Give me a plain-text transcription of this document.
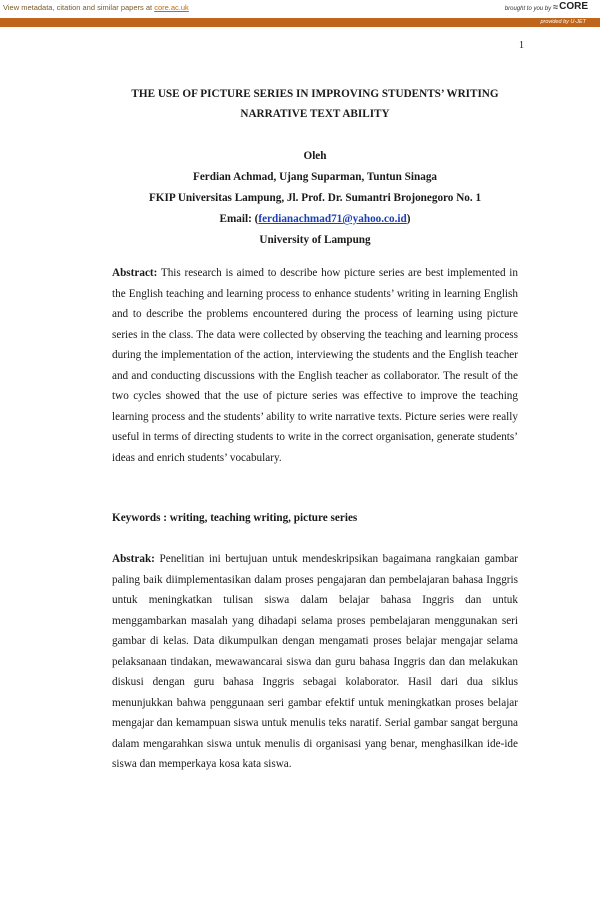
View metadata, citation and similar papers at core.ac.uk	brought to you by ≈ CORE
provided by U-JET
1
THE USE OF PICTURE SERIES IN IMPROVING STUDENTS’ WRITING
NARRATIVE TEXT ABILITY
Oleh
Ferdian Achmad, Ujang Suparman, Tuntun Sinaga
FKIP Universitas Lampung, Jl. Prof. Dr. Sumantri Brojonegoro No. 1
Email: (ferdianachmad71@yahoo.co.id)
University of Lampung

Abstract: This research is aimed to describe how picture series are best implemented in the English teaching and learning process to enhance students’ writing in learning English and to describe the problems encountered during the process of learning using picture series in the class. The data were collected by observing the teaching and learning process during the implementation of the action, interviewing the students and the English teacher and and conducting discussions with the English teacher as collaborator. The result of the two cycles showed that the use of picture series was effective to improve the teaching learning process and the students’ ability to write narrative texts. Picture series were really useful in terms of directing students to write in the correct organisation, generate students’ ideas and enrich students’ vocabulary.

Keywords : writing, teaching writing, picture series

Abstrak: Penelitian ini bertujuan untuk mendeskripsikan bagaimana rangkaian gambar paling baik diimplementasikan dalam proses pengajaran dan pembelajaran bahasa Inggris untuk meningkatkan tulisan siswa dalam belajar bahasa Inggris dan untuk menggambarkan masalah yang dihadapi selama proses pembelajaran menggunakan seri gambar di kelas. Data dikumpulkan dengan mengamati proses belajar mengajar selama pelaksanaan tindakan, mewawancarai siswa dan guru bahasa Inggris dan dan melakukan diskusi dengan guru bahasa Inggris sebagai kolaborator. Hasil dari dua siklus menunjukkan bahwa penggunaan seri gambar efektif untuk meningkatkan proses belajar mengajar dan kemampuan siswa untuk menulis teks naratif. Serial gambar sangat berguna dalam mengarahkan siswa untuk menulis di organisasi yang benar, menghasilkan ide-ide siswa dan memperkaya kosa kata siswa.
